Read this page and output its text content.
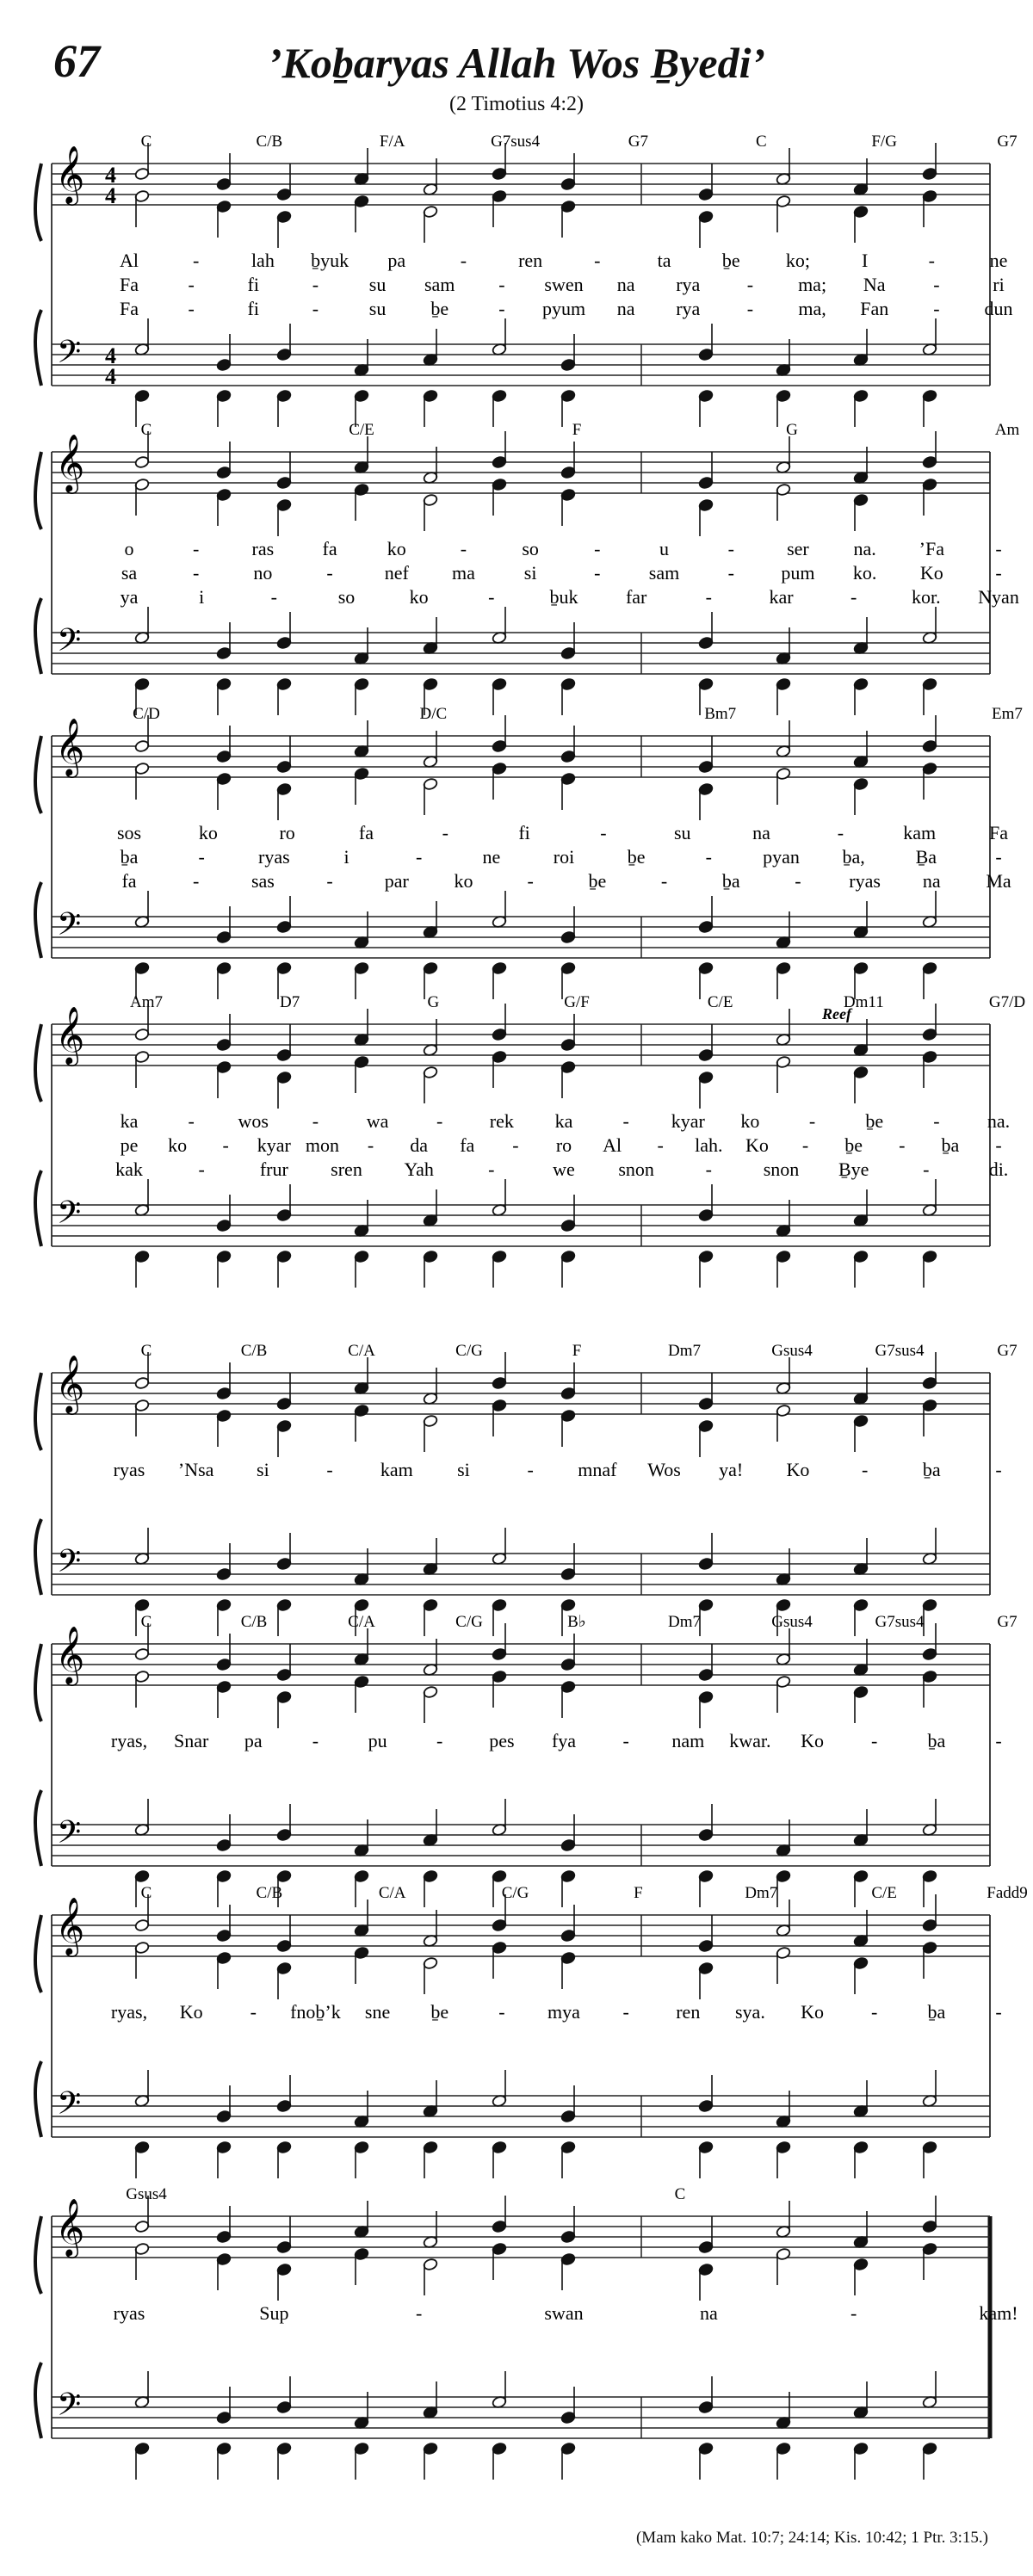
67	’Koḇaryas Allah Wos Ḇyedi’
(2 Timotius 4:2)
C	C/B	F/A	G7sus4	G7	C	F/G	G7
4
4
4
4
Al	-	lah ḇyuk pa	-	ren	-	ta	ḇe ko;	I	-	ne
Fa	-	fi	-	su sam - swen na rya - ma; Na	-	ri
Fa	-	fi	-	su ḇe	- pyum na rya - ma, Fan - dun
𝄞
𝄢
C	C/E	F	G	Am
o	-	ras	fa	ko	-	so	-	u	-	ser na. ’Fa	-
sa	-	no	-	nef ma	si	-	sam	- pum ko. Ko	-
ya	i	-	so	ko	-	ḇuk	far	-	kar	-	kor. Nyan
𝄞
𝄢
C/D	D/C	Bm7	Em7
sos	ko	ro	fa	-	fi	-	su	na	-	kam	Fa
ḇa	-	ryas	i	-	ne	roi	ḇe	-	pyan ḇa,	Ḇa	-
fa	-	sas	-	par ko	-	ḇe	-	ḇa	-	ryas na Ma
𝄞
𝄢
Am7	D7	G	G/F	C/E	Dm11	G7/D
Reef
ka	- wos -	wa	- rek ka	- kyar ko	-	ḇe	-	na.
pe ko - kyar mon - da fa - ro Al - lah. Ko - ḇe - ḇa -
kak	-	frur sren Yah	-	we snon	-	snon Ḇye	-	di.
𝄞
𝄢
C	C/B	C/A	C/G	F	Dm7	Gsus4	G7sus4	G7
ryas ’Nsa si	-	kam si	- mnaf Wos ya! Ko	-	ḇa	-
𝄞
𝄢
C	C/B	C/A	C/G	B♭	Dm7	Gsus4	G7sus4	G7
ryas, Snar pa	-	pu	- pes fya - nam kwar. Ko	-	ḇa	-
𝄞
𝄢
C	C/B	C/A	C/G	F	Dm7	C/E	Fadd9
ryas, Ko	- fnoḇ’k sne ḇe	- mya - ren sya. Ko	-	ḇa	-
𝄞
𝄢
Gsus4	C
ryas	Sup	-	swan	na	-	kam!
𝄞
𝄢
(Mam kako Mat. 10:7; 24:14; Kis. 10:42; 1 Ptr. 3:15.)
